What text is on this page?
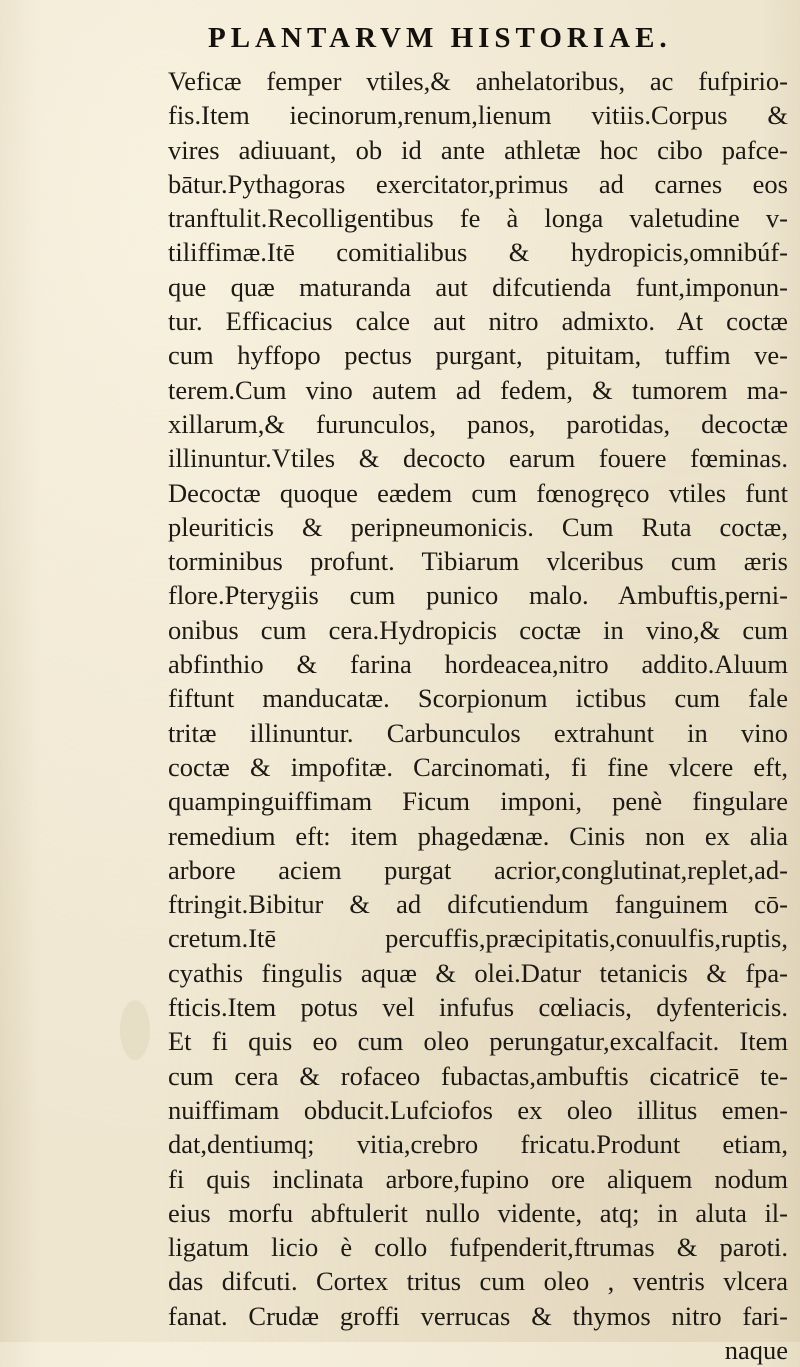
PLANTARVM HISTORIAE.
Veficæ femper vtiles,& anhelatoribus, ac fufpirio-
fis.Item iecinorum,renum,lienum vitiis.Corpus &
vires adiuuant, ob id ante athletæ hoc cibo pafce-
bātur.Pythagoras exercitator,primus ad carnes eos
tranftulit.Recolligentibus fe à longa valetudine v-
tiliffimæ.Itē comitialibus & hydropicis,omnibúf-
que quæ maturanda aut difcutienda funt,imponun-
tur. Efficacius calce aut nitro admixto. At coctæ
cum hyffopo pectus purgant, pituitam, tuffim ve-
terem.Cum vino autem ad fedem, & tumorem ma-
xillarum,& furunculos, panos, parotidas, decoctæ
illinuntur.Vtiles & decocto earum fouere fœminas.
Decoctæ quoque eædem cum fœnogręco vtiles funt
pleuriticis & peripneumonicis. Cum Ruta coctæ,
torminibus profunt. Tibiarum vlceribus cum æris
flore.Pterygiis cum punico malo. Ambuftis,perni-
onibus cum cera.Hydropicis coctæ in vino,& cum
abfinthio & farina hordeacea,nitro addito.Aluum
fiftunt manducatæ. Scorpionum ictibus cum fale
tritæ illinuntur. Carbunculos extrahunt in vino
coctæ & impofitæ. Carcinomati, fi fine vlcere eft,
quampinguiffimam Ficum imponi, penè fingulare
remedium eft: item phagedænæ. Cinis non ex alia
arbore aciem purgat acrior,conglutinat,replet,ad-
ftringit.Bibitur & ad difcutiendum fanguinem cō-
cretum.Itē percuffis,præcipitatis,conuulfis,ruptis,
cyathis fingulis aquæ & olei.Datur tetanicis & fpa-
fticis.Item potus vel infufus cœliacis, dyfentericis.
Et fi quis eo cum oleo perungatur,excalfacit. Item
cum cera & rofaceo fubactas,ambuftis cicatricē te-
nuiffimam obducit.Lufciofos ex oleo illitus emen-
dat,dentiumq; vitia,crebro fricatu.Produnt etiam,
fi quis inclinata arbore,fupino ore aliquem nodum
eius morfu abftulerit nullo vidente, atq; in aluta il-
ligatum licio è collo fufpenderit,ftrumas & paroti.
das difcuti. Cortex tritus cum oleo , ventris vlcera
fanat. Crudæ groffi verrucas & thymos nitro fari-
naque
